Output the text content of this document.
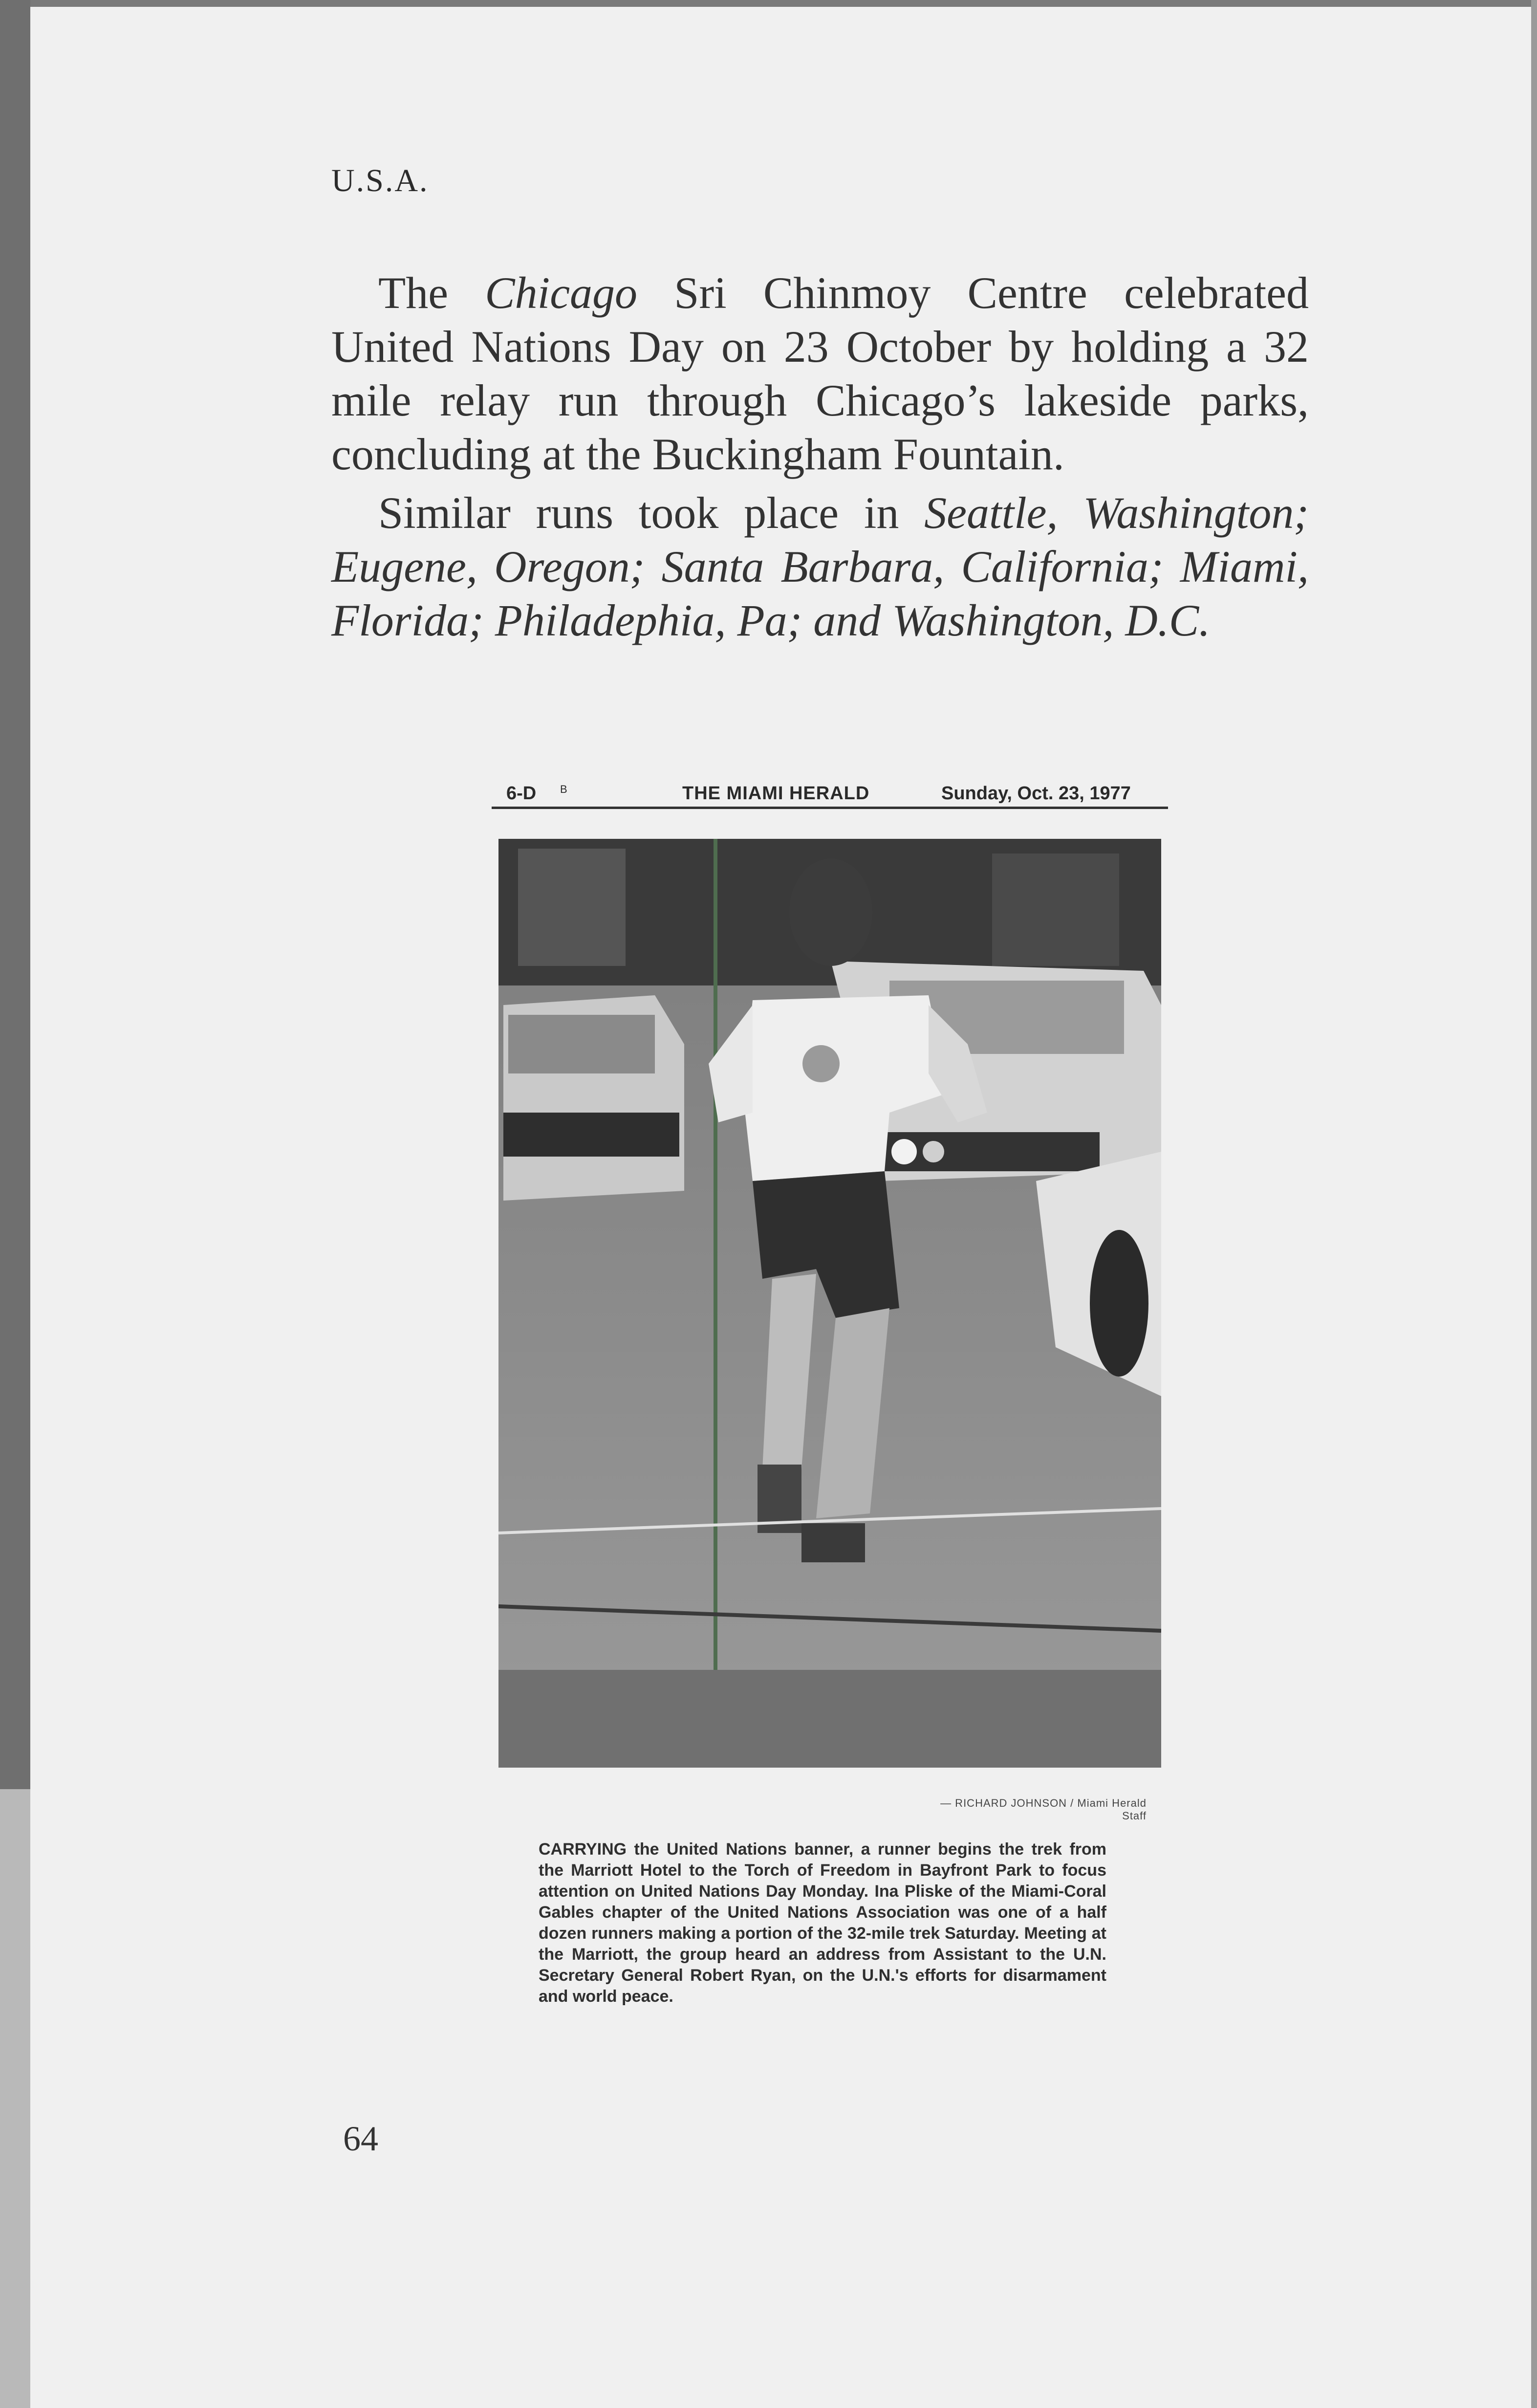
U.S.A.

The Chicago Sri Chinmoy Centre celebrated United Nations Day on 23 October by holding a 32 mile relay run through Chicago’s lakeside parks, concluding at the Buckingham Fountain.

Similar runs took place in Seattle, Washington; Eugene, Oregon; Santa Barbara, California; Miami, Florida; Philadephia, Pa; and Washington, D.C.

6-D B	THE MIAMI HERALD	Sunday, Oct. 23, 1977
— RICHARD JOHNSON / Miami Herald Staff
CARRYING the United Nations banner, a runner begins the trek from the Marriott Hotel to the Torch of Freedom in Bayfront Park to focus attention on United Nations Day Monday. Ina Pliske of the Miami-Coral Gables chapter of the United Nations Association was one of a half dozen runners making a portion of the 32-mile trek Saturday. Meeting at the Marriott, the group heard an address from Assistant to the U.N. Secretary General Robert Ryan, on the U.N.'s efforts for disarmament and world peace.
64
